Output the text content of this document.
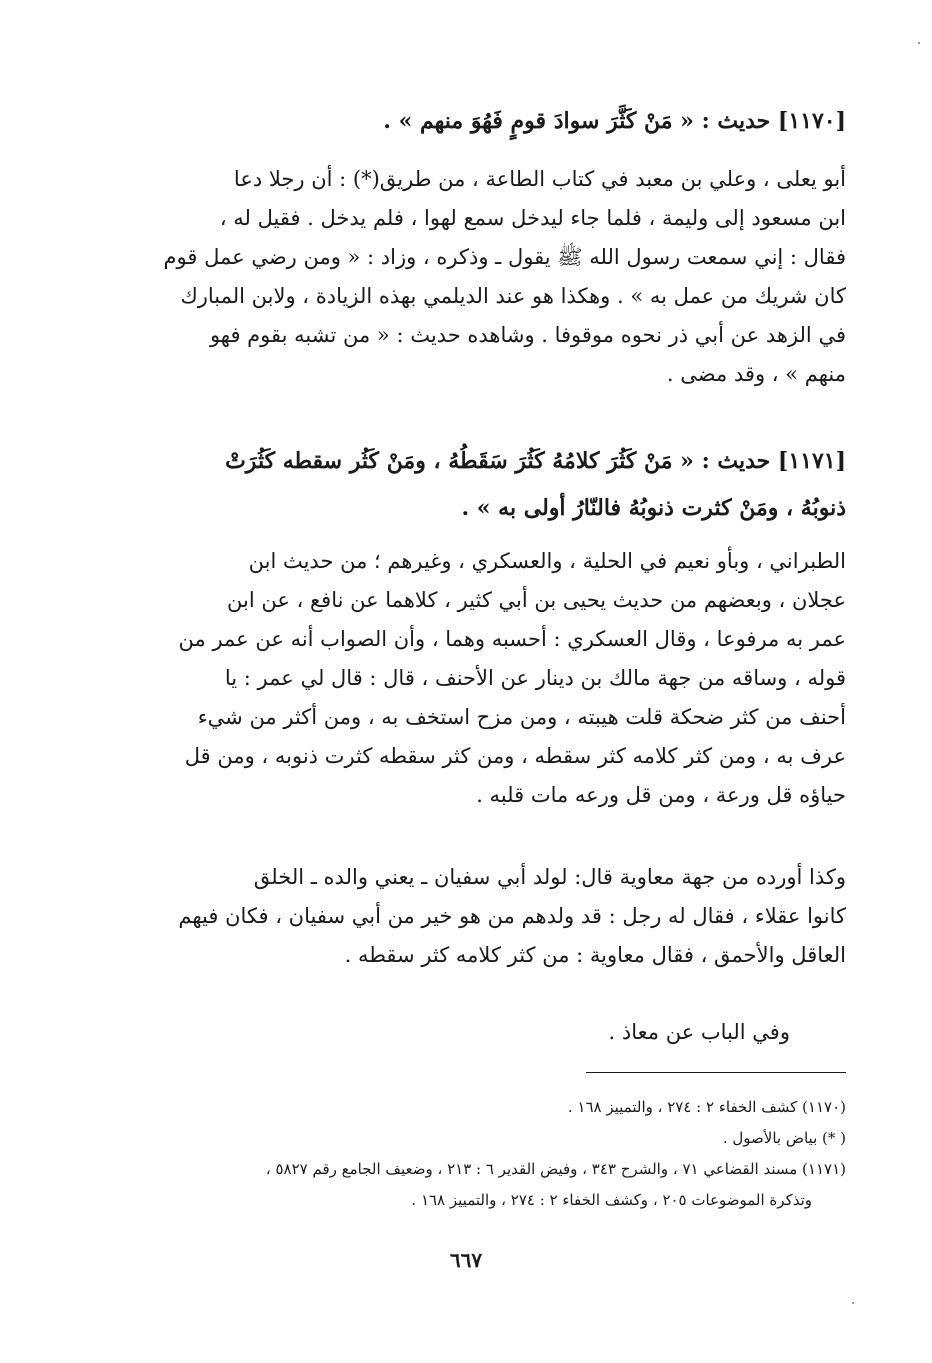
[١١٧٠] حديث : « مَنْ كَثَّرَ سوادَ قومٍ فَهُوَ منهم » .

أبو يعلى ، وعلي بن معبد في كتاب الطاعة ، من طريق(*) : أن رجلا دعا
ابن مسعود إلى وليمة ، فلما جاء ليدخل سمع لهوا ، فلم يدخل . فقيل له ،
فقال : إني سمعت رسول الله ﷺ يقول ـ وذكره ، وزاد : « ومن رضي عمل قوم
كان شريك من عمل به » . وهكذا هو عند الديلمي بهذه الزيادة ، ولابن المبارك
في الزهد عن أبي ذر نحوه موقوفا . وشاهده حديث : « من تشبه بقوم فهو
منهم » ، وقد مضى .
[١١٧١] حديث : « مَنْ كَثُرَ كلامُهُ كَثُرَ سَقَطُهُ ، ومَنْ كَثُر سقطه كَثُرَتْ
ذنوبُهُ ، ومَنْ كثرت ذنوبُهُ فالنّارُ أولى به » .
الطبراني ، وبأو نعيم في الحلية ، والعسكري ، وغيرهم ؛ من حديث ابن
عجلان ، وبعضهم من حديث يحيى بن أبي كثير ، كلاهما عن نافع ، عن ابن
عمر به مرفوعا ، وقال العسكري : أحسبه وهما ، وأن الصواب أنه عن عمر من
قوله ، وساقه من جهة مالك بن دينار عن الأحنف ، قال : قال لي عمر : يا
أحنف من كثر ضحكة قلت هيبته ، ومن مزح استخف به ، ومن أكثر من شيء
عرف به ، ومن كثر كلامه كثر سقطه ، ومن كثر سقطه كثرت ذنوبه ، ومن قل
حياؤه قل ورعة ، ومن قل ورعه مات قلبه .
وكذا أورده من جهة معاوية قال: لولد أبي سفيان ـ يعني والده ـ الخلق
كانوا عقلاء ، فقال له رجل : قد ولدهم من هو خير من أبي سفيان ، فكان فيهم
العاقل والأحمق ، فقال معاوية : من كثر كلامه كثر سقطه .

وفي الباب عن معاذ .

(١١٧٠) كشف الخفاء ٢ : ٢٧٤ ، والتمييز ١٦٨ .
( *) بياض بالأصول .
(١١٧١) مسند القضاعي ٧١ ، والشرح ٣٤٣ ، وفيض القدير ٦ : ٢١٣ ، وضعيف الجامع رقم ٥٨٢٧ ،
وتذكرة الموضوعات ٢٠٥ ، وكشف الخفاء ٢ : ٢٧٤ ، والتمييز ١٦٨ .

٦٦٧
